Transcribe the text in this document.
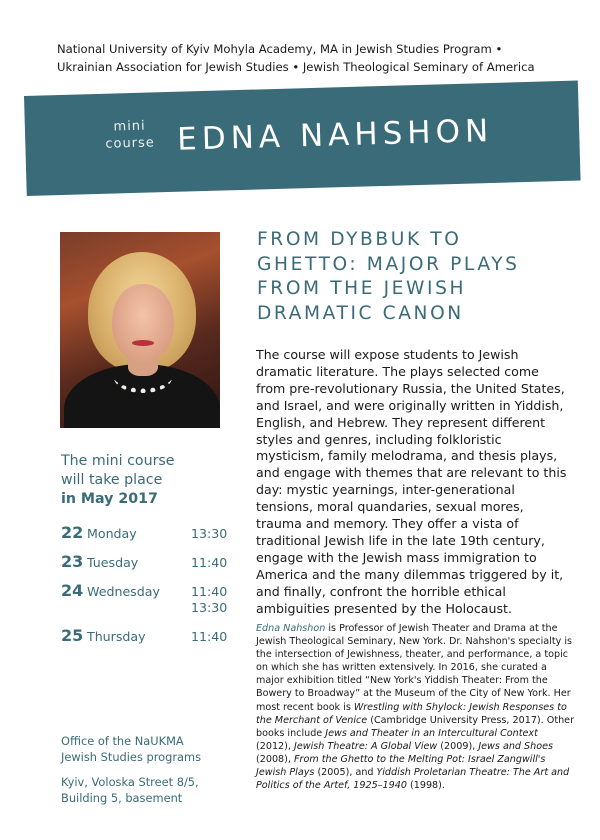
National University of Kyiv Mohyla Academy, MA in Jewish Studies Program •
Ukrainian Association for Jewish Studies • Jewish Theological Seminary of America
mini
course EDNA NAHSHON
FROM DYBBUK TO
GHETTO: MAJOR PLAYS
FROM THE JEWISH
DRAMATIC CANON
The course will expose students to Jewish dramatic literature. The plays selected come from pre-revolutionary Russia, the United States, and Israel, and were originally written in Yiddish, English, and Hebrew. They represent different styles and genres, including folkloristic mysticism, family melodrama, and thesis plays, and engage with themes that are relevant to this day: mystic yearnings, inter-generational tensions, moral quandaries, sexual mores, trauma and memory. They offer a vista of traditional Jewish life in the late 19th century, engage with the Jewish mass immigration to America and the many dilemmas triggered by it, and finally, confront the horrible ethical ambiguities presented by the Holocaust.
Edna Nahshon is Professor of Jewish Theater and Drama at the Jewish Theological Seminary, New York. Dr. Nahshon's specialty is the intersection of Jewishness, theater, and performance, a topic on which she has written extensively. In 2016, she curated a major exhibition titled “New York's Yiddish Theater: From the Bowery to Broadway” at the Museum of the City of New York. Her most recent book is Wrestling with Shylock: Jewish Responses to the Merchant of Venice (Cambridge University Press, 2017). Other books include Jews and Theater in an Intercultural Context (2012), Jewish Theatre: A Global View (2009), Jews and Shoes (2008), From the Ghetto to the Melting Pot: Israel Zangwill's Jewish Plays (2005), and Yiddish Proletarian Theatre: The Art and Politics of the Artef, 1925–1940 (1998).
The mini course
will take place
in May 2017
22 Monday	13:30
23 Tuesday	11:40
24 Wednesday 11:40
13:30
25 Thursday	11:40
Office of the NaUKMA
Jewish Studies programs
Kyiv, Voloska Street 8/5,
Building 5, basement
